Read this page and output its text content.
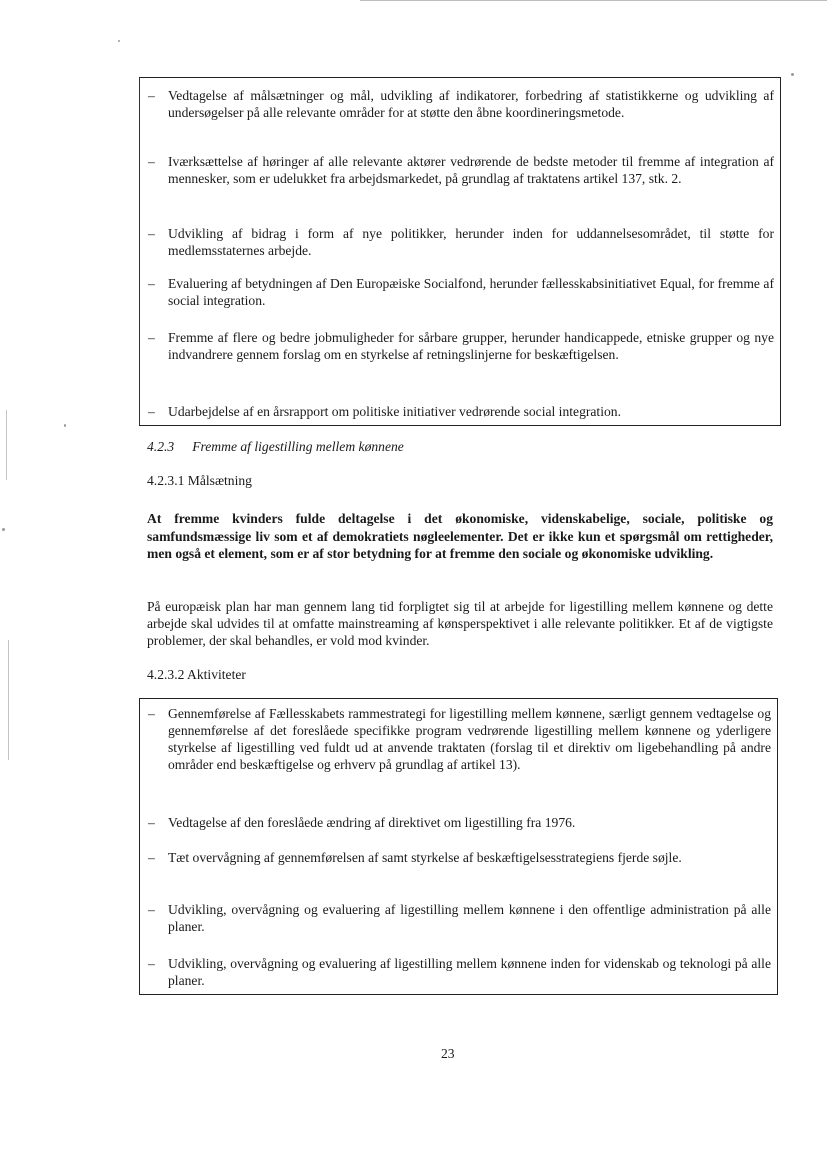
– Vedtagelse af målsætninger og mål, udvikling af indikatorer, forbedring af statistikkerne og udvikling af undersøgelser på alle relevante områder for at støtte den åbne koordineringsmetode.
– Iværksættelse af høringer af alle relevante aktører vedrørende de bedste metoder til fremme af integration af mennesker, som er udelukket fra arbejdsmarkedet, på grundlag af traktatens artikel 137, stk. 2.
– Udvikling af bidrag i form af nye politikker, herunder inden for uddannelsesområdet, til støtte for medlemsstaternes arbejde.
– Evaluering af betydningen af Den Europæiske Socialfond, herunder fællesskabsinitiativet Equal, for fremme af social integration.
– Fremme af flere og bedre jobmuligheder for sårbare grupper, herunder handicappede, etniske grupper og nye indvandrere gennem forslag om en styrkelse af retningslinjerne for beskæftigelsen.
– Udarbejdelse af en årsrapport om politiske initiativer vedrørende social integration.
4.2.3 Fremme af ligestilling mellem kønnene
4.2.3.1 Målsætning
At fremme kvinders fulde deltagelse i det økonomiske, videnskabelige, sociale, politiske og samfundsmæssige liv som et af demokratiets nøgleelementer. Det er ikke kun et spørgsmål om rettigheder, men også et element, som er af stor betydning for at fremme den sociale og økonomiske udvikling.
På europæisk plan har man gennem lang tid forpligtet sig til at arbejde for ligestilling mellem kønnene og dette arbejde skal udvides til at omfatte mainstreaming af kønsperspektivet i alle relevante politikker. Et af de vigtigste problemer, der skal behandles, er vold mod kvinder.
4.2.3.2 Aktiviteter
– Gennemførelse af Fællesskabets rammestrategi for ligestilling mellem kønnene, særligt gennem vedtagelse og gennemførelse af det foreslåede specifikke program vedrørende ligestilling mellem kønnene og yderligere styrkelse af ligestilling ved fuldt ud at anvende traktaten (forslag til et direktiv om ligebehandling på andre områder end beskæftigelse og erhverv på grundlag af artikel 13).
– Vedtagelse af den foreslåede ændring af direktivet om ligestilling fra 1976.
– Tæt overvågning af gennemførelsen af samt styrkelse af beskæftigelsesstrategiens fjerde søjle.
– Udvikling, overvågning og evaluering af ligestilling mellem kønnene i den offentlige administration på alle planer.
– Udvikling, overvågning og evaluering af ligestilling mellem kønnene inden for videnskab og teknologi på alle planer.
23
